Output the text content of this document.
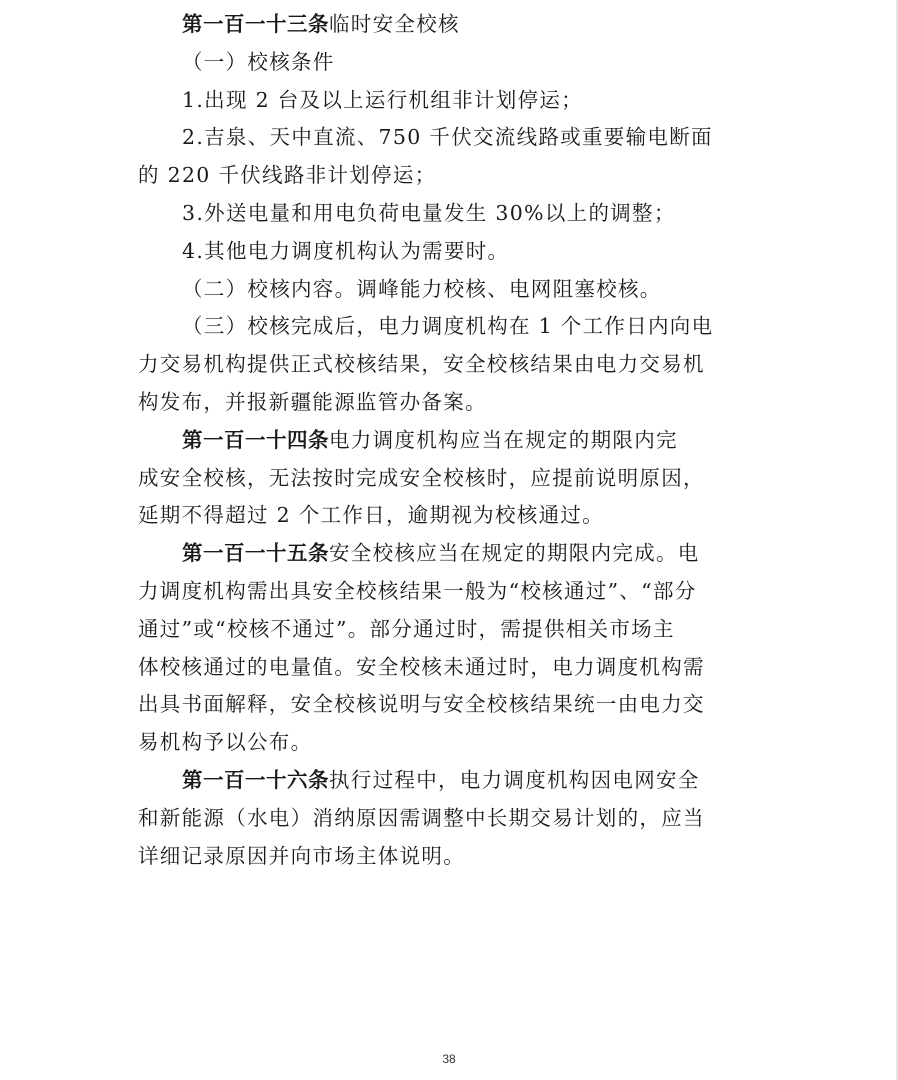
第一百一十三条临时安全校核
（一）校核条件
1.出现 2 台及以上运行机组非计划停运；
2.吉泉、天中直流、750 千伏交流线路或重要输电断面
的 220 千伏线路非计划停运；
3.外送电量和用电负荷电量发生 30%以上的调整；
4.其他电力调度机构认为需要时。
（二）校核内容。调峰能力校核、电网阻塞校核。
（三）校核完成后，电力调度机构在 1 个工作日内向电
力交易机构提供正式校核结果，安全校核结果由电力交易机
构发布，并报新疆能源监管办备案。
第一百一十四条电力调度机构应当在规定的期限内完
成安全校核，无法按时完成安全校核时，应提前说明原因，
延期不得超过 2 个工作日，逾期视为校核通过。
第一百一十五条安全校核应当在规定的期限内完成。电
力调度机构需出具安全校核结果一般为“校核通过”、“部分
通过”或“校核不通过”。部分通过时，需提供相关市场主
体校核通过的电量值。安全校核未通过时，电力调度机构需
出具书面解释，安全校核说明与安全校核结果统一由电力交
易机构予以公布。
第一百一十六条执行过程中，电力调度机构因电网安全
和新能源（水电）消纳原因需调整中长期交易计划的，应当
详细记录原因并向市场主体说明。
38
